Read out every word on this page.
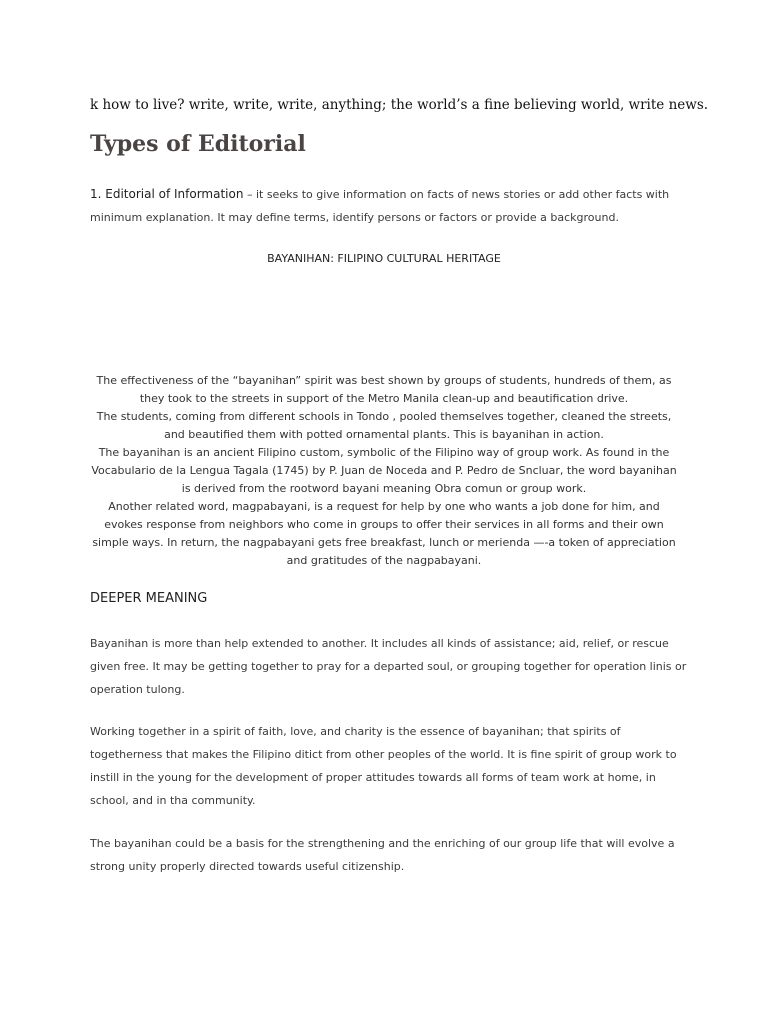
k how to live? write, write, write, anything; the world’s a fine believing world, write news.
Types of Editorial

1. Editorial of Information – it seeks to give information on facts of news stories or add other facts with minimum explanation. It may define terms, identify persons or factors or provide a background.

BAYANIHAN: FILIPINO CULTURAL HERITAGE

The effectiveness of the “bayanihan” spirit was best shown by groups of students, hundreds of them, as they took to the streets in support of the Metro Manila clean-up and beautification drive.

The students, coming from different schools in Tondo , pooled themselves together, cleaned the streets, and beautified them with potted ornamental plants. This is bayanihan in action.

The bayanihan is an ancient Filipino custom, symbolic of the Filipino way of group work. As found in the Vocabulario de la Lengua Tagala (1745) by P. Juan de Noceda and P. Pedro de Sncluar, the word bayanihan is derived from the rootword bayani meaning Obra comun or group work.

Another related word, magpabayani, is a request for help by one who wants a job done for him, and evokes response from neighbors who come in groups to offer their services in all forms and their own simple ways. In return, the nagpabayani gets free breakfast, lunch or merienda —-a token of appreciation and gratitudes of the nagpabayani.

DEEPER MEANING

Bayanihan is more than help extended to another. It includes all kinds of assistance; aid, relief, or rescue given free. It may be getting together to pray for a departed soul, or grouping together for operation linis or operation tulong.

Working together in a spirit of faith, love, and charity is the essence of bayanihan; that spirits of togetherness that makes the Filipino ditict from other peoples of the world. It is fine spirit of group work to instill in the young for the development of proper attitudes towards all forms of team work at home, in school, and in tha community.

The bayanihan could be a basis for the strengthening and the enriching of our group life that will evolve a strong unity properly directed towards useful citizenship.
